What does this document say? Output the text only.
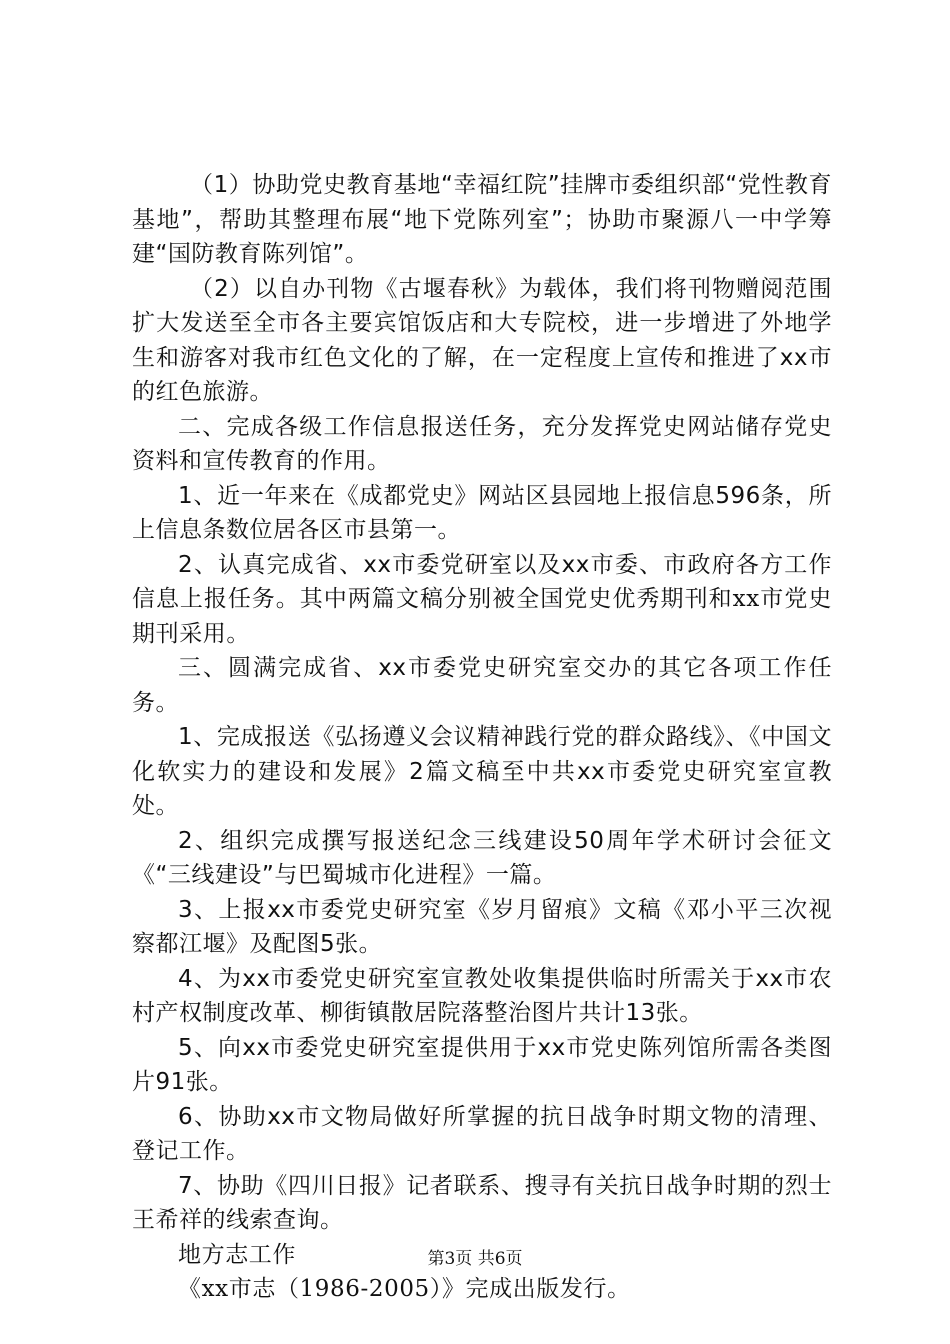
（1）协助党史教育基地“幸福红院”挂牌市委组织部“党性教育基地”，帮助其整理布展“地下党陈列室”；协助市聚源八一中学筹建“国防教育陈列馆”。

（2）以自办刊物《古堰春秋》为载体，我们将刊物赠阅范围扩大发送至全市各主要宾馆饭店和大专院校，进一步增进了外地学生和游客对我市红色文化的了解，在一定程度上宣传和推进了xx市的红色旅游。

二、完成各级工作信息报送任务，充分发挥党史网站储存党史资料和宣传教育的作用。

1、近一年来在《成都党史》网站区县园地上报信息596条，所上信息条数位居各区市县第一。

2、认真完成省、xx市委党研室以及xx市委、市政府各方工作信息上报任务。其中两篇文稿分别被全国党史优秀期刊和xx市党史期刊采用。

三、圆满完成省、xx市委党史研究室交办的其它各项工作任务。

1、完成报送《弘扬遵义会议精神践行党的群众路线》、《中国文化软实力的建设和发展》2篇文稿至中共xx市委党史研究室宣教处。

2、组织完成撰写报送纪念三线建设50周年学术研讨会征文《“三线建设”与巴蜀城市化进程》一篇。

3、上报xx市委党史研究室《岁月留痕》文稿《邓小平三次视察都江堰》及配图5张。

4、为xx市委党史研究室宣教处收集提供临时所需关于xx市农村产权制度改革、柳街镇散居院落整治图片共计13张。

5、向xx市委党史研究室提供用于xx市党史陈列馆所需各类图片91张。

6、协助xx市文物局做好所掌握的抗日战争时期文物的清理、登记工作。

7、协助《四川日报》记者联系、搜寻有关抗日战争时期的烈士王希祥的线索查询。

地方志工作

《xx市志（1986-2005）》完成出版发行。

第3页 共6页
